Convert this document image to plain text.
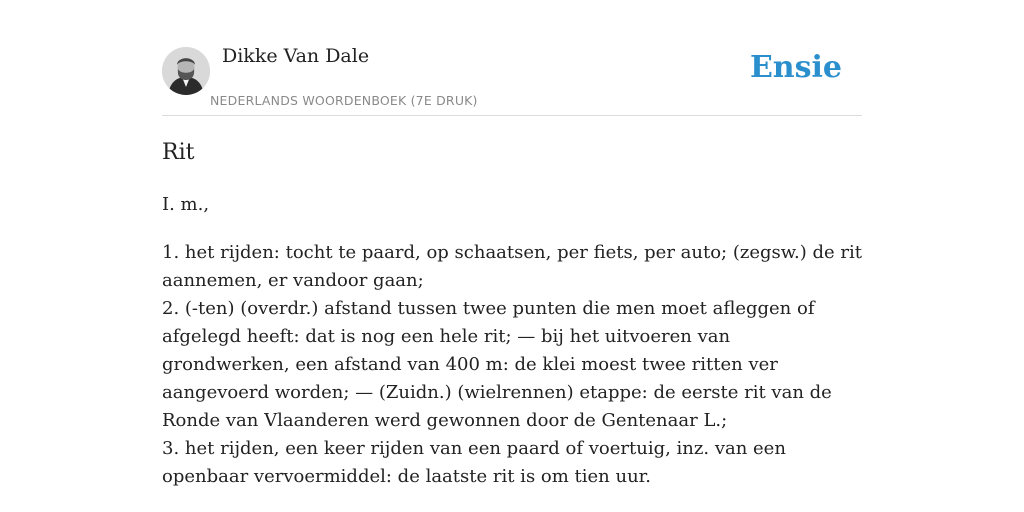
Dikke Van Dale
NEDERLANDS WOORDENBOEK (7E DRUK)
Ensie
Rit
I. m.,
1. het rijden: tocht te paard, op schaatsen, per fiets, per auto; (zegsw.) de rit aannemen, er vandoor gaan;
2. (-ten) (overdr.) afstand tussen twee punten die men moet afleggen of afgelegd heeft: dat is nog een hele rit; — bij het uitvoeren van grondwerken, een afstand van 400 m: de klei moest twee ritten ver aangevoerd worden; — (Zuidn.) (wielrennen) etappe: de eerste rit van de Ronde van Vlaanderen werd gewonnen door de Gentenaar L.;
3. het rijden, een keer rijden van een paard of voertuig, inz. van een openbaar vervoermiddel: de laatste rit is om tien uur.
